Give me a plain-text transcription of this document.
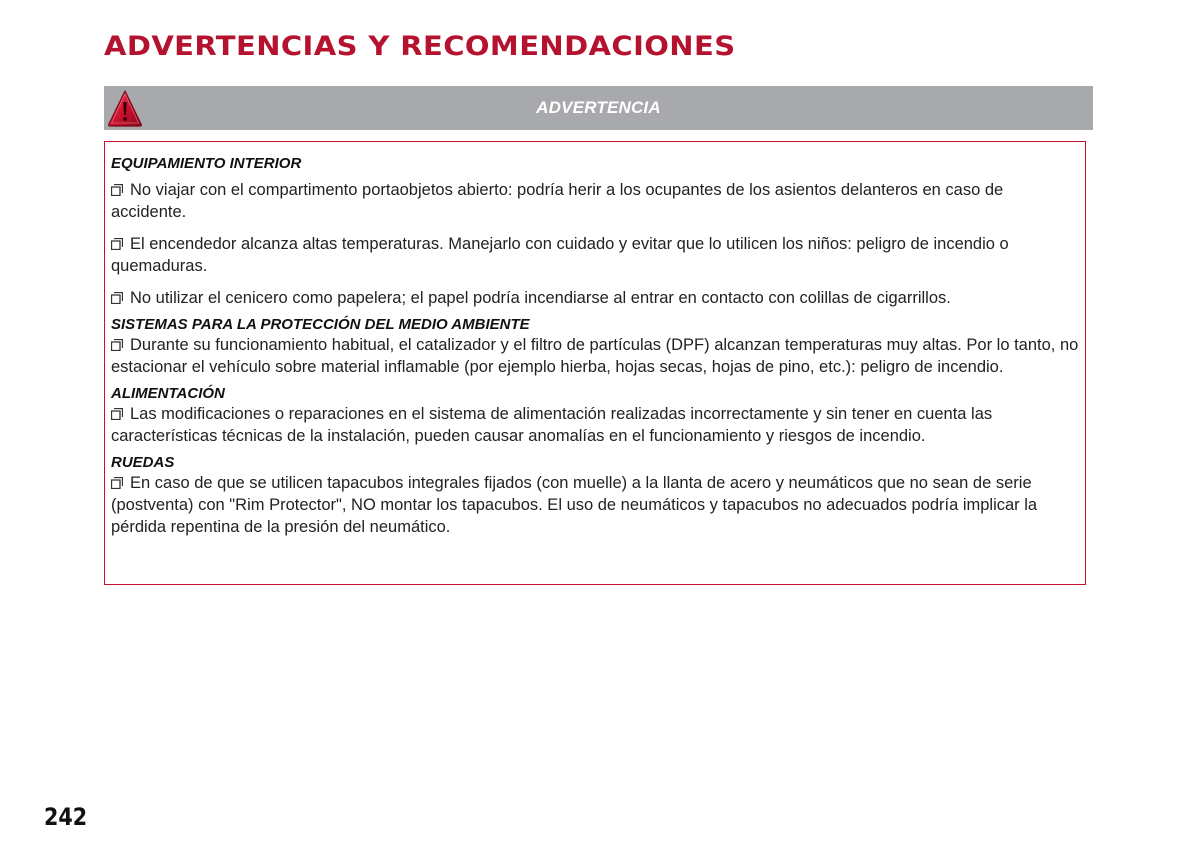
ADVERTENCIAS Y RECOMENDACIONES
ADVERTENCIA

EQUIPAMIENTO INTERIOR

No viajar con el compartimento portaobjetos abierto: podría herir a los ocupantes de los asientos delanteros en caso de accidente.

El encendedor alcanza altas temperaturas. Manejarlo con cuidado y evitar que lo utilicen los niños: peligro de incendio o quemaduras.

No utilizar el cenicero como papelera; el papel podría incendiarse al entrar en contacto con colillas de cigarrillos.

SISTEMAS PARA LA PROTECCIÓN DEL MEDIO AMBIENTE

Durante su funcionamiento habitual, el catalizador y el filtro de partículas (DPF) alcanzan temperaturas muy altas. Por lo tanto, no estacionar el vehículo sobre material inflamable (por ejemplo hierba, hojas secas, hojas de pino, etc.): peligro de incendio.

ALIMENTACIÓN

Las modificaciones o reparaciones en el sistema de alimentación realizadas incorrectamente y sin tener en cuenta las características técnicas de la instalación, pueden causar anomalías en el funcionamiento y riesgos de incendio.

RUEDAS

En caso de que se utilicen tapacubos integrales fijados (con muelle) a la llanta de acero y neumáticos que no sean de serie (postventa) con "Rim Protector", NO montar los tapacubos. El uso de neumáticos y tapacubos no adecuados podría implicar la pérdida repentina de la presión del neumático.

242
